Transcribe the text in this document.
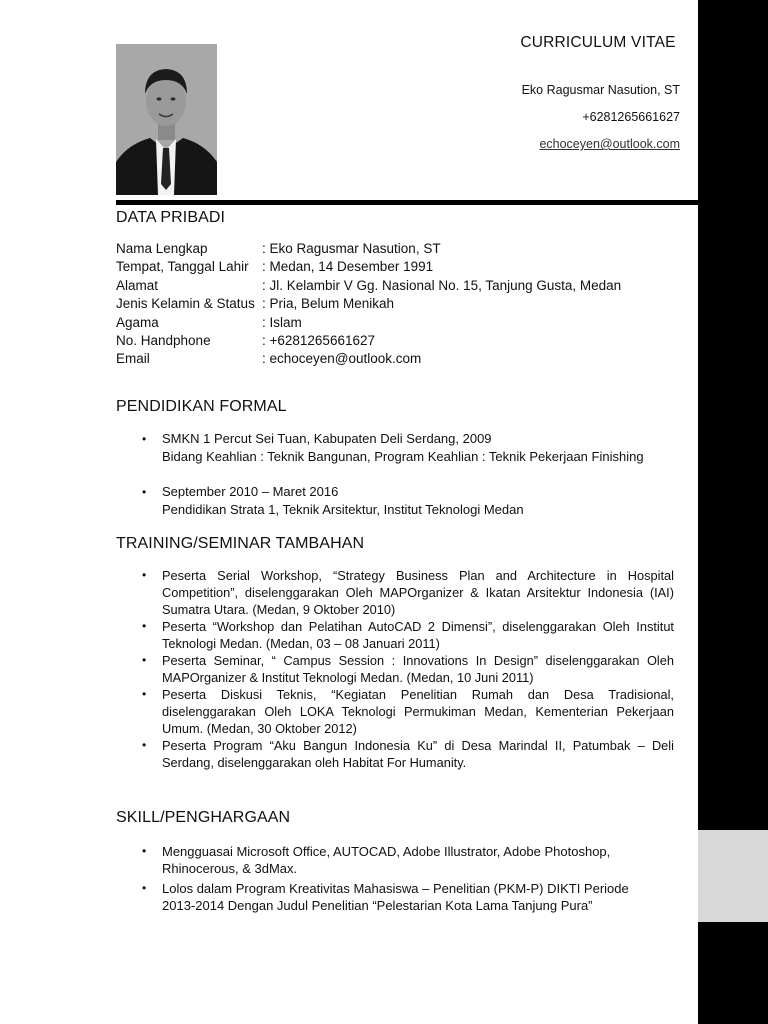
CURRICULUM VITAE
Eko Ragusmar Nasution, ST
+6281265661627
echoceyen@outlook.com
DATA PRIBADI
Nama Lengkap	: Eko Ragusmar Nasution, ST
Tempat, Tanggal Lahir : Medan, 14 Desember 1991
Alamat	: Jl. Kelambir V Gg. Nasional No. 15, Tanjung Gusta, Medan
Jenis Kelamin & Status : Pria, Belum Menikah
Agama	: Islam
No. Handphone	: +6281265661627
Email	: echoceyen@outlook.com
PENDIDIKAN FORMAL
• SMKN 1 Percut Sei Tuan, Kabupaten Deli Serdang, 2009
Bidang Keahlian : Teknik Bangunan, Program Keahlian : Teknik Pekerjaan Finishing
• September 2010 – Maret 2016
Pendidikan Strata 1, Teknik Arsitektur, Institut Teknologi Medan
TRAINING/SEMINAR TAMBAHAN
• Peserta Serial Workshop, “Strategy Business Plan and Architecture in Hospital Competition”, diselenggarakan Oleh MAPOrganizer & Ikatan Arsitektur Indonesia (IAI) Sumatra Utara. (Medan, 9 Oktober 2010)
• Peserta “Workshop dan Pelatihan AutoCAD 2 Dimensi”, diselenggarakan Oleh Institut Teknologi Medan. (Medan, 03 – 08 Januari 2011)
• Peserta Seminar, “ Campus Session : Innovations In Design” diselenggarakan Oleh MAPOrganizer & Institut Teknologi Medan. (Medan, 10 Juni 2011)
• Peserta Diskusi Teknis, “Kegiatan Penelitian Rumah dan Desa Tradisional, diselenggarakan Oleh LOKA Teknologi Permukiman Medan, Kementerian Pekerjaan Umum. (Medan, 30 Oktober 2012)
• Peserta Program “Aku Bangun Indonesia Ku” di Desa Marindal II, Patumbak – Deli Serdang, diselenggarakan oleh Habitat For Humanity.
SKILL/PENGHARGAAN
• Mengguasai Microsoft Office, AUTOCAD, Adobe Illustrator, Adobe Photoshop, Rhinocerous, & 3dMax.
• Lolos dalam Program Kreativitas Mahasiswa – Penelitian (PKM-P) DIKTI Periode 2013-2014 Dengan Judul Penelitian “Pelestarian Kota Lama Tanjung Pura”
